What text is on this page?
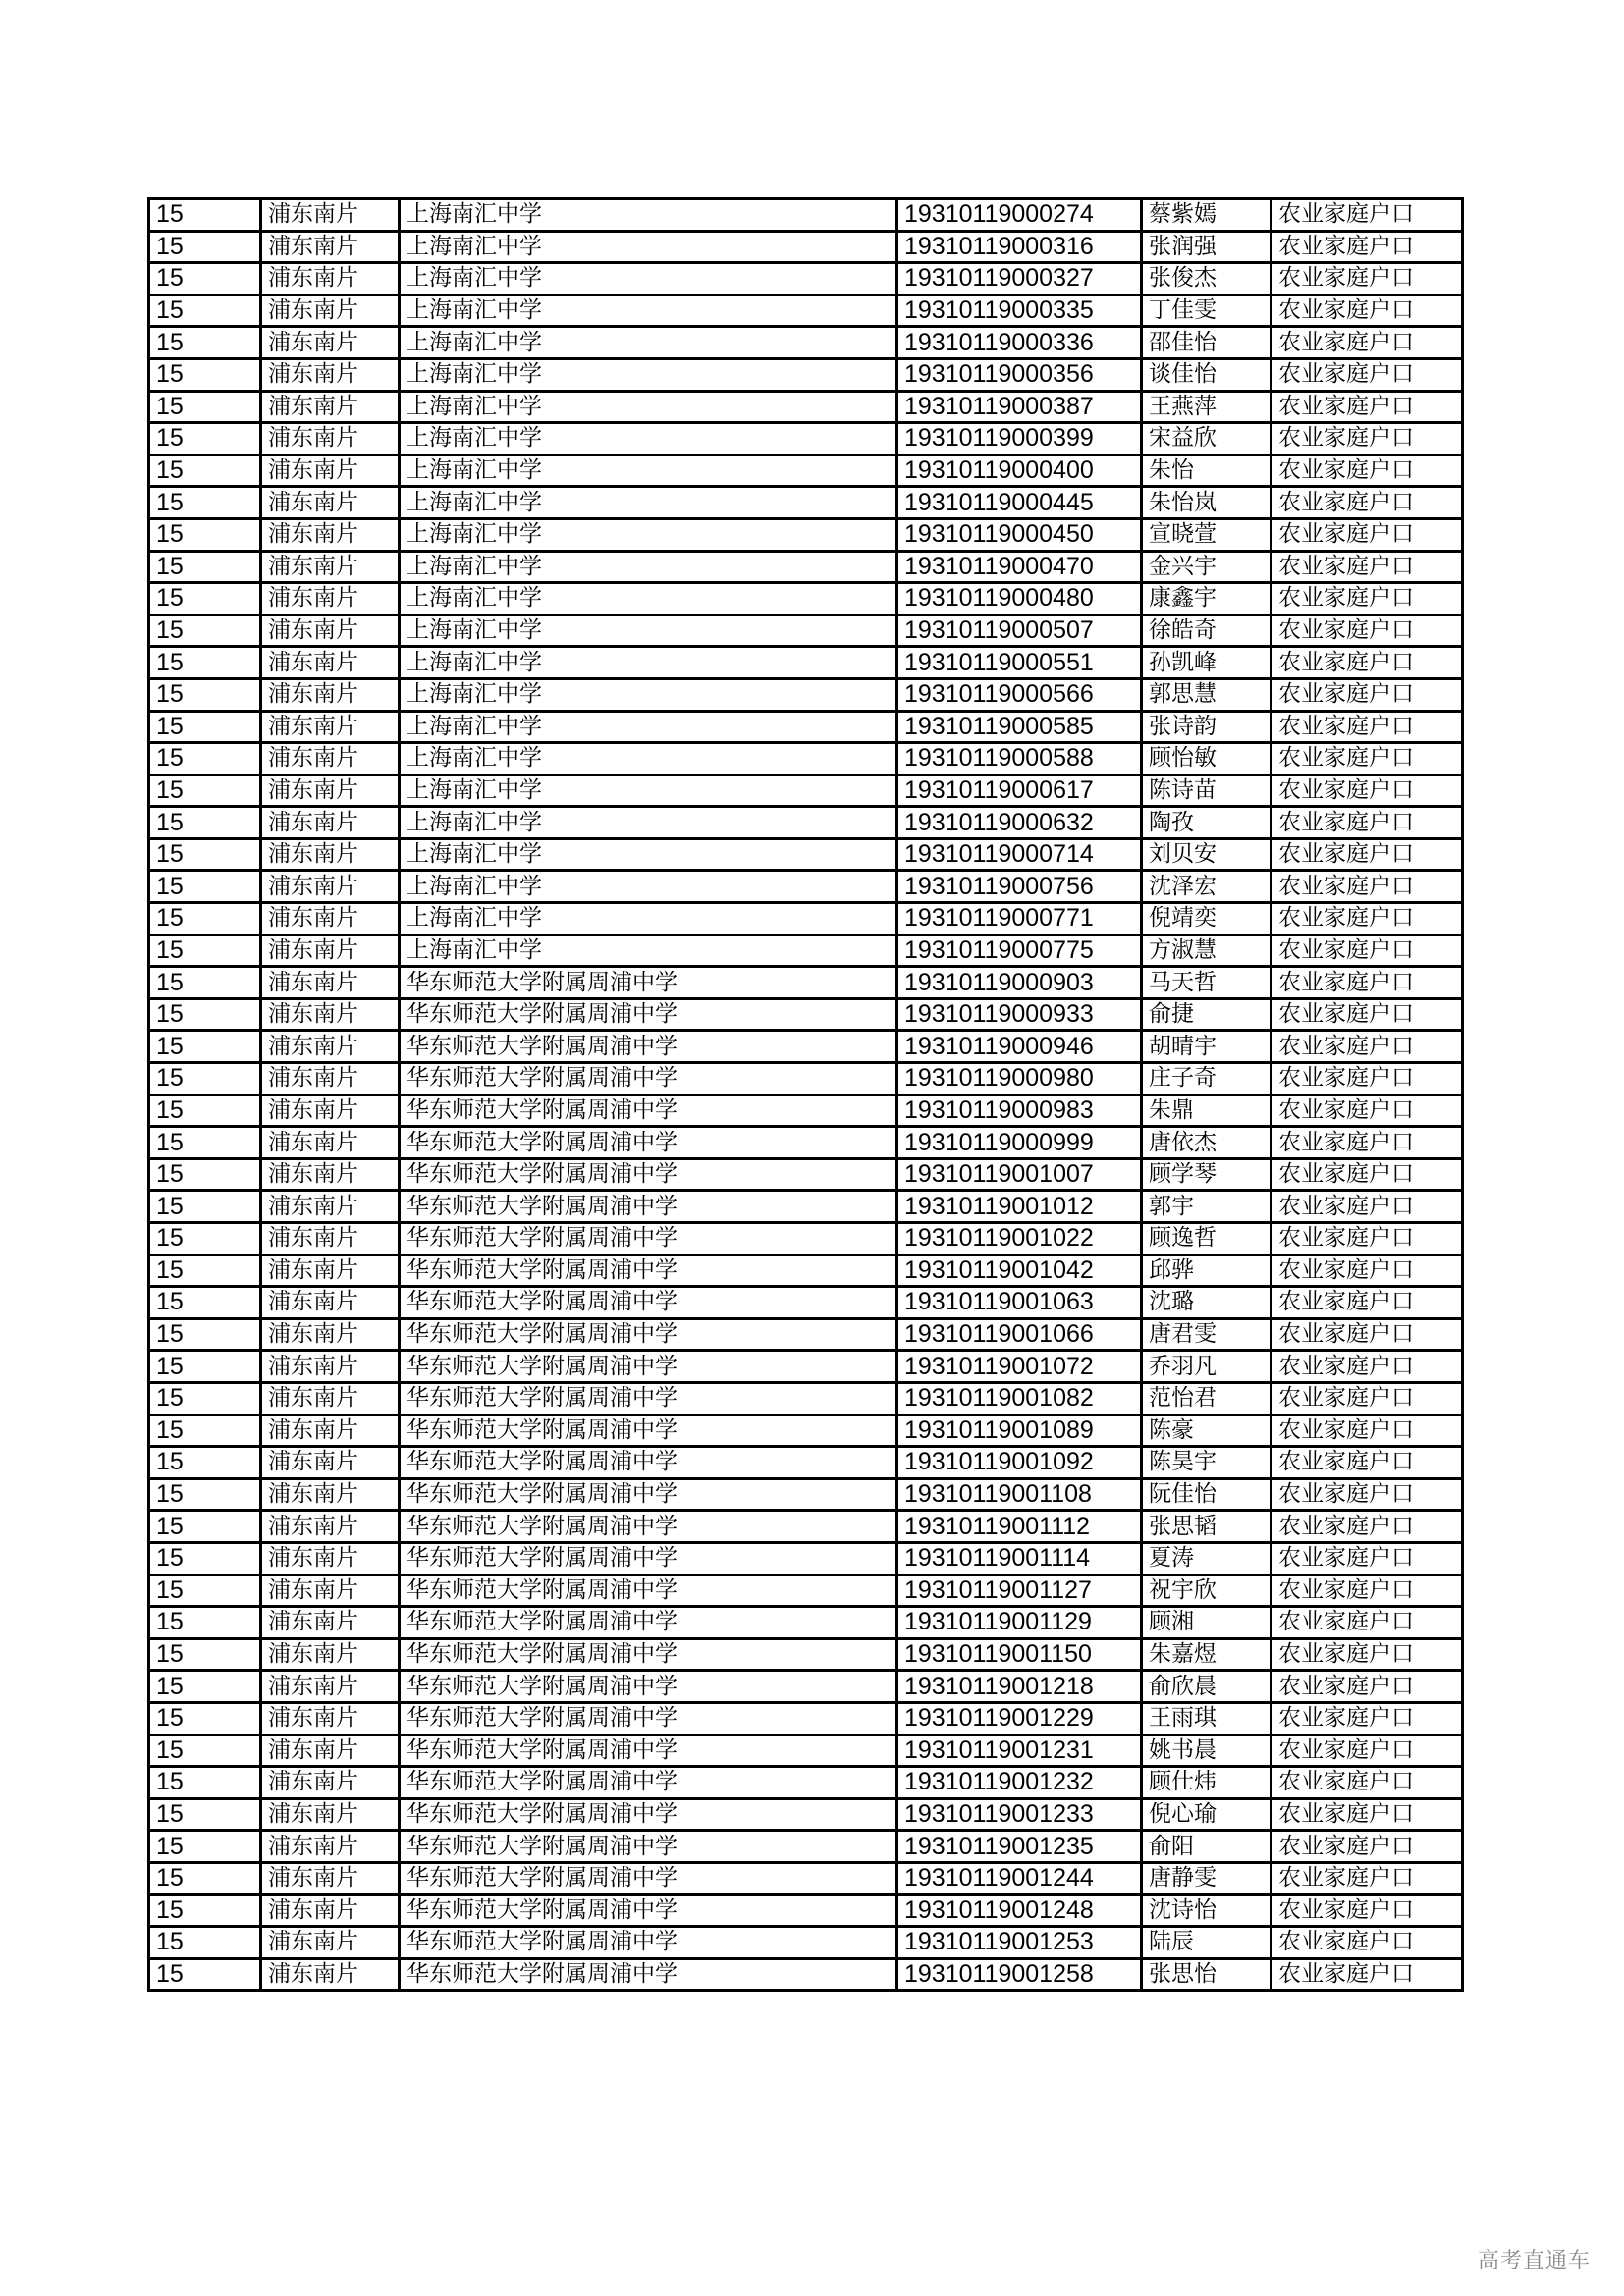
15	浦东南片	上海南汇中学	19310119000274	蔡紫嫣	农业家庭户口
15	浦东南片	上海南汇中学	19310119000316	张润强	农业家庭户口
15	浦东南片	上海南汇中学	19310119000327	张俊杰	农业家庭户口
15	浦东南片	上海南汇中学	19310119000335	丁佳雯	农业家庭户口
15	浦东南片	上海南汇中学	19310119000336	邵佳怡	农业家庭户口
15	浦东南片	上海南汇中学	19310119000356	谈佳怡	农业家庭户口
15	浦东南片	上海南汇中学	19310119000387	王燕萍	农业家庭户口
15	浦东南片	上海南汇中学	19310119000399	宋益欣	农业家庭户口
15	浦东南片	上海南汇中学	19310119000400	朱怡	农业家庭户口
15	浦东南片	上海南汇中学	19310119000445	朱怡岚	农业家庭户口
15	浦东南片	上海南汇中学	19310119000450	宣晓萱	农业家庭户口
15	浦东南片	上海南汇中学	19310119000470	金兴宇	农业家庭户口
15	浦东南片	上海南汇中学	19310119000480	康鑫宇	农业家庭户口
15	浦东南片	上海南汇中学	19310119000507	徐皓奇	农业家庭户口
15	浦东南片	上海南汇中学	19310119000551	孙凯峰	农业家庭户口
15	浦东南片	上海南汇中学	19310119000566	郭思慧	农业家庭户口
15	浦东南片	上海南汇中学	19310119000585	张诗韵	农业家庭户口
15	浦东南片	上海南汇中学	19310119000588	顾怡敏	农业家庭户口
15	浦东南片	上海南汇中学	19310119000617	陈诗苗	农业家庭户口
15	浦东南片	上海南汇中学	19310119000632	陶孜	农业家庭户口
15	浦东南片	上海南汇中学	19310119000714	刘贝安	农业家庭户口
15	浦东南片	上海南汇中学	19310119000756	沈泽宏	农业家庭户口
15	浦东南片	上海南汇中学	19310119000771	倪靖奕	农业家庭户口
15	浦东南片	上海南汇中学	19310119000775	方淑慧	农业家庭户口
15	浦东南片	华东师范大学附属周浦中学	19310119000903	马天哲	农业家庭户口
15	浦东南片	华东师范大学附属周浦中学	19310119000933	俞捷	农业家庭户口
15	浦东南片	华东师范大学附属周浦中学	19310119000946	胡晴宇	农业家庭户口
15	浦东南片	华东师范大学附属周浦中学	19310119000980	庄子奇	农业家庭户口
15	浦东南片	华东师范大学附属周浦中学	19310119000983	朱鼎	农业家庭户口
15	浦东南片	华东师范大学附属周浦中学	19310119000999	唐依杰	农业家庭户口
15	浦东南片	华东师范大学附属周浦中学	19310119001007	顾学琴	农业家庭户口
15	浦东南片	华东师范大学附属周浦中学	19310119001012	郭宇	农业家庭户口
15	浦东南片	华东师范大学附属周浦中学	19310119001022	顾逸哲	农业家庭户口
15	浦东南片	华东师范大学附属周浦中学	19310119001042	邱骅	农业家庭户口
15	浦东南片	华东师范大学附属周浦中学	19310119001063	沈璐	农业家庭户口
15	浦东南片	华东师范大学附属周浦中学	19310119001066	唐君雯	农业家庭户口
15	浦东南片	华东师范大学附属周浦中学	19310119001072	乔羽凡	农业家庭户口
15	浦东南片	华东师范大学附属周浦中学	19310119001082	范怡君	农业家庭户口
15	浦东南片	华东师范大学附属周浦中学	19310119001089	陈豪	农业家庭户口
15	浦东南片	华东师范大学附属周浦中学	19310119001092	陈昊宇	农业家庭户口
15	浦东南片	华东师范大学附属周浦中学	19310119001108	阮佳怡	农业家庭户口
15	浦东南片	华东师范大学附属周浦中学	19310119001112	张思韬	农业家庭户口
15	浦东南片	华东师范大学附属周浦中学	19310119001114	夏涛	农业家庭户口
15	浦东南片	华东师范大学附属周浦中学	19310119001127	祝宇欣	农业家庭户口
15	浦东南片	华东师范大学附属周浦中学	19310119001129	顾湘	农业家庭户口
15	浦东南片	华东师范大学附属周浦中学	19310119001150	朱嘉煜	农业家庭户口
15	浦东南片	华东师范大学附属周浦中学	19310119001218	俞欣晨	农业家庭户口
15	浦东南片	华东师范大学附属周浦中学	19310119001229	王雨琪	农业家庭户口
15	浦东南片	华东师范大学附属周浦中学	19310119001231	姚书晨	农业家庭户口
15	浦东南片	华东师范大学附属周浦中学	19310119001232	顾仕炜	农业家庭户口
15	浦东南片	华东师范大学附属周浦中学	19310119001233	倪心瑜	农业家庭户口
15	浦东南片	华东师范大学附属周浦中学	19310119001235	俞阳	农业家庭户口
15	浦东南片	华东师范大学附属周浦中学	19310119001244	唐静雯	农业家庭户口
15	浦东南片	华东师范大学附属周浦中学	19310119001248	沈诗怡	农业家庭户口
15	浦东南片	华东师范大学附属周浦中学	19310119001253	陆辰	农业家庭户口
15	浦东南片	华东师范大学附属周浦中学	19310119001258	张思怡	农业家庭户口
高考直通车
